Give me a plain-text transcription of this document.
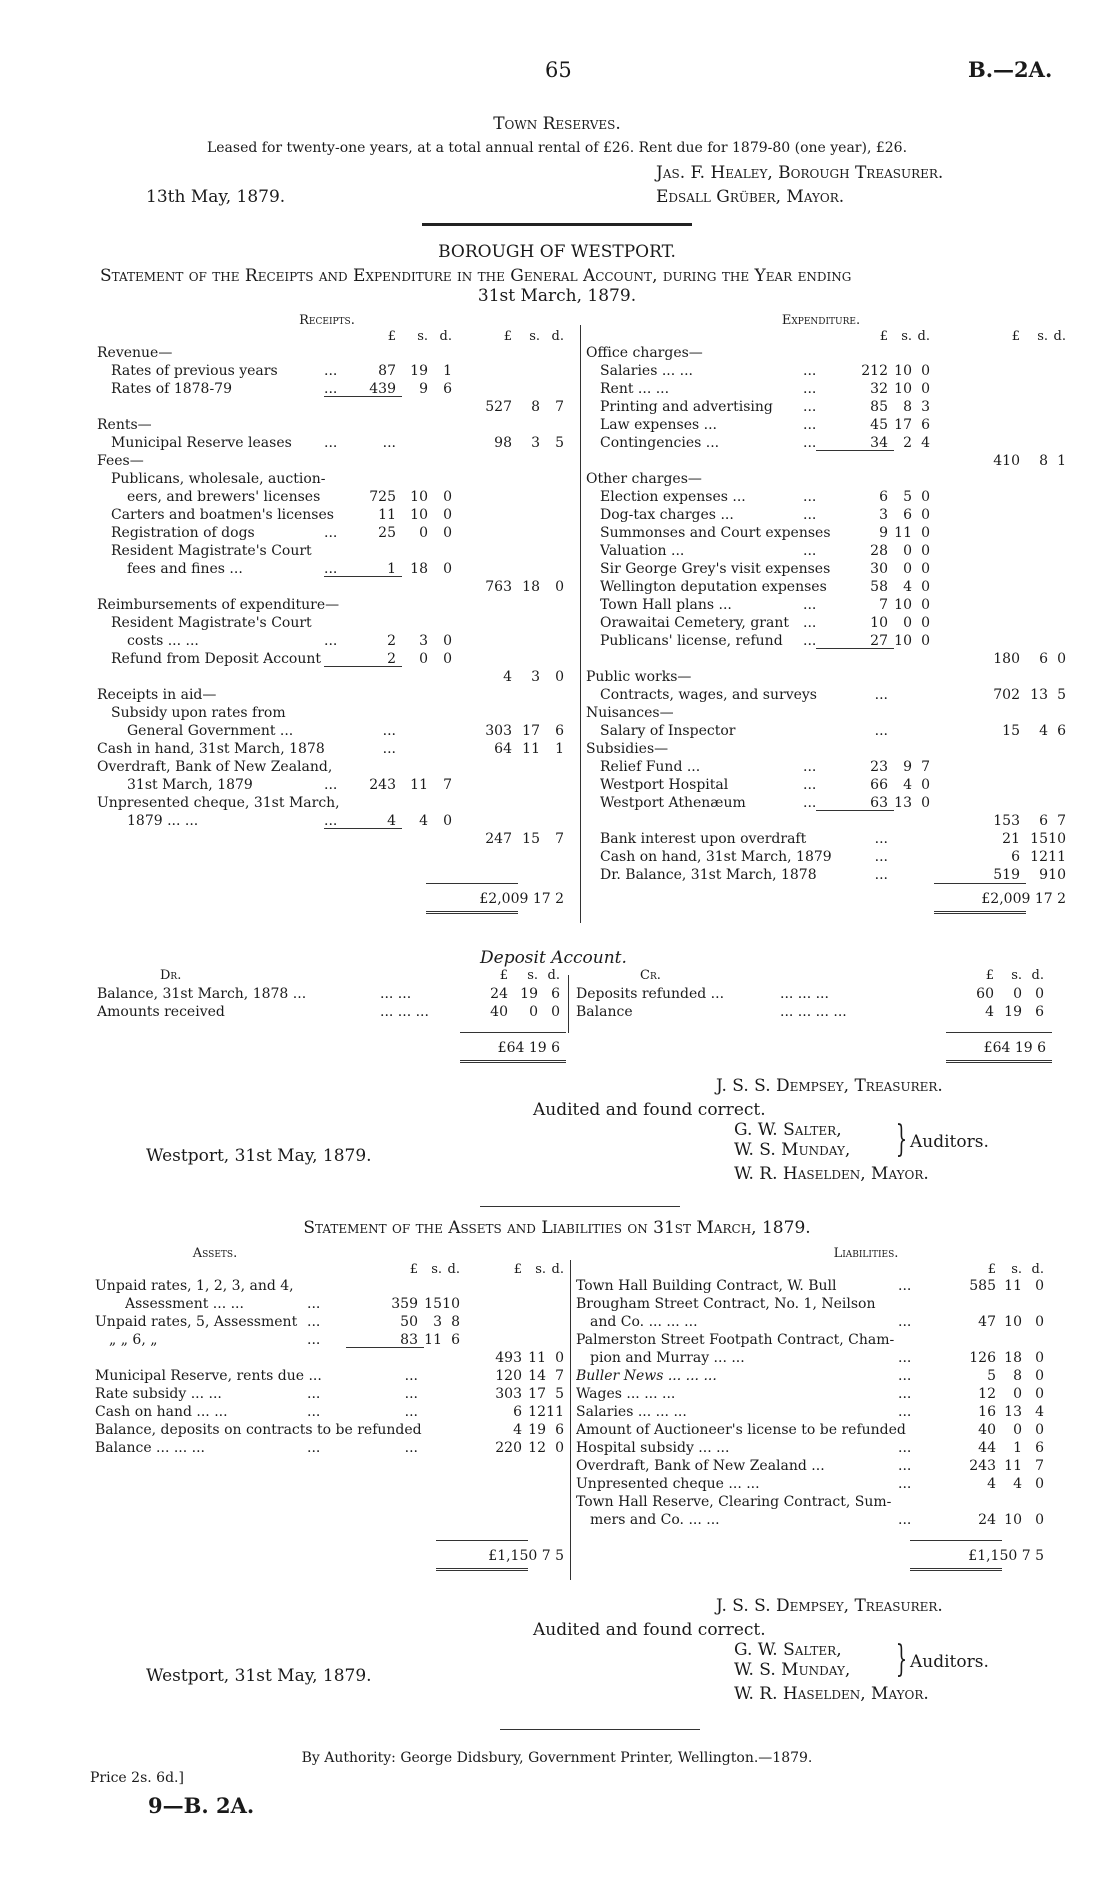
65	B.—2A.
Town Reserves.
Leased for twenty-one years, at a total annual rental of £26. Rent due for 1879-80 (one year), £26.
Jas. F. Healey, Borough Treasurer.
Edsall Grüber, Mayor.
13th May, 1879.
BOROUGH OF WESTPORT.
Statement of the Receipts and Expenditure in the General Account, during the Year ending
31st March, 1879.
Deposit Account.
Statement of the Assets and Liabilities on 31st March, 1879.
By Authority: George Didsbury, Government Printer, Wellington.—1879.
Price 2s. 6d.]
9—B. 2A.
Receipts.
£	s. d.	£	s. d.
Revenue—
Rates of previous years	...	87	19	1
Rates of 1878-79	...	439	9	6
527	8	7
Rents—
Municipal Reserve leases	...	...	98	3	5
Fees—
Publicans, wholesale, auction-
eers, and brewers' licenses	725	10	0
Carters and boatmen's licenses	11	10	0
Registration of dogs	...	25	0	0
Resident Magistrate's Court
fees and fines ...	...	1	18	0
763 18	0
Reimbursements of expenditure—
Resident Magistrate's Court
costs ... ...	...	2	3	0
Refund from Deposit Account	2	0	0
4	3	0
Receipts in aid—
Subsidy upon rates from
General Government ...	...	303 17	6
Cash in hand, 31st March, 1878	...	64 11	1
Overdraft, Bank of New Zealand,
31st March, 1879	...	243	11	7
Unpresented cheque, 31st March,
1879 ... ...	...	4	4	0
247 15	7
£2,009 17 2
Expenditure.
£	s. d.	£	s. d.
Office charges—
Salaries ... ...	...	212 10 0
Rent ... ...	...	32 10 0
Printing and advertising	...	85	8 3
Law expenses ...	...	45 17 6
Contingencies ...	...	34	2 4
410	8 1
Other charges—
Election expenses ...	...	6	5 0
Dog-tax charges ...	...	3	6 0
Summonses and Court expenses	9 11 0
Valuation ...	...	28	0 0
Sir George Grey's visit expenses	30	0 0
Wellington deputation expenses	58	4 0
Town Hall plans ...	...	7 10 0
Orawaitai Cemetery, grant	...	10	0 0
Publicans' license, refund	...	27 10 0
180	6 0
Public works—
Contracts, wages, and surveys	...	702 13 5
Nuisances—
Salary of Inspector	...	15	4 6
Subsidies—
Relief Fund ...	...	23	9 7
Westport Hospital	...	66	4 0
Westport Athenæum	...	63 13 0
153	6 7
Bank interest upon overdraft	...	21 15 10
Cash on hand, 31st March, 1879	...	6 12 11
Dr. Balance, 31st March, 1878	...	519	9 10
£2,009 17 2
Dr.	Cr.
£	s. d.	£	s. d.
Balance, 31st March, 1878 ...	... ...	24 19 6
Amounts received	... ... ...	40	0 0
Deposits refunded ...	... ... ...	60	0 0
Balance	... ... ... ...	4 19 6
£64 19 6	£64 19 6
J. S. S. Dempsey, Treasurer.
Audited and found correct.
G. W. Salter,
W. S. Munday, } Auditors.
W. R. Haselden, Mayor.
Westport, 31st May, 1879.
Assets.
£	s. d.	£	s. d.
Unpaid rates, 1, 2, 3, and 4,
Assessment ... ...	...	359 15 10
Unpaid rates, 5, Assessment ...	50	3 8
„ „ 6, „	...	83 11 6
493 11 0
Municipal Reserve, rents due ...	...	120 14 7
Rate subsidy ... ...	...	...	303 17 5
Cash on hand ... ...	...	...	6 12 11
Balance, deposits on contracts to be refunded	4 19 6
Balance ... ... ...	...	...	220 12 0
£1,150 7 5
Liabilities.
£	s. d.
Town Hall Building Contract, W. Bull	...	585 11 0
Brougham Street Contract, No. 1, Neilson
and Co. ... ... ...	...	47 10 0
Palmerston Street Footpath Contract, Cham-
pion and Murray ... ...	...	126 18 0
Buller News ... ... ...	...	5	8 0
Wages ... ... ...	...	12	0 0
Salaries ... ... ...	...	16 13 4
Amount of Auctioneer's license to be refunded	40	0 0
Hospital subsidy ... ...	...	44	1 6
Overdraft, Bank of New Zealand ...	...	243 11 7
Unpresented cheque ... ...	...	4	4 0
Town Hall Reserve, Clearing Contract, Sum-
mers and Co. ... ...	...	24 10 0
£1,150 7 5
J. S. S. Dempsey, Treasurer.
Audited and found correct.
G. W. Salter,
W. S. Munday, } Auditors.
W. R. Haselden, Mayor.
Westport, 31st May, 1879.
